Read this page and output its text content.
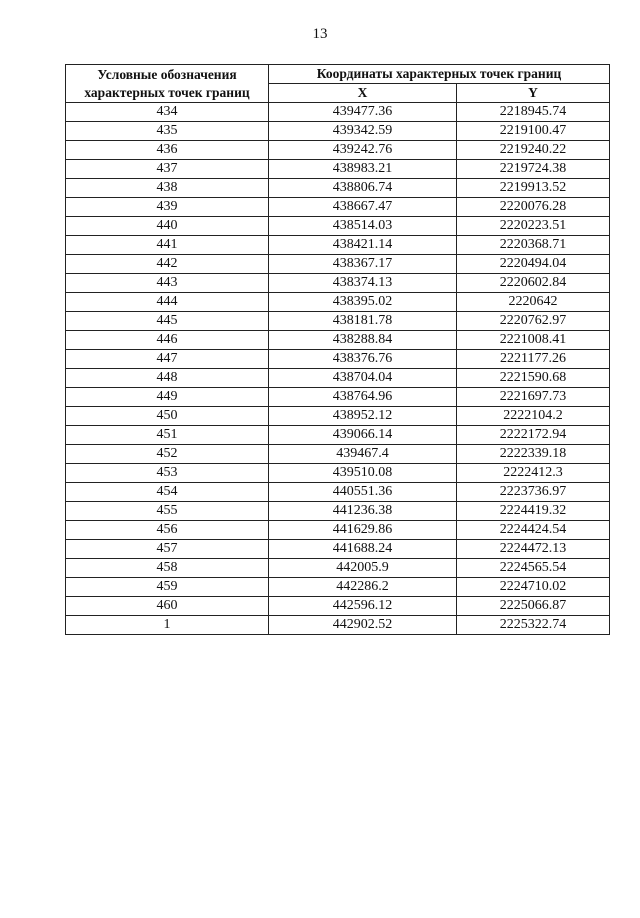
13
Условные обозначения характерных точек границ	Координаты характерных точек границ	
	X	Y
434	439477.36	2218945.74
435	439342.59	2219100.47
436	439242.76	2219240.22
437	438983.21	2219724.38
438	438806.74	2219913.52
439	438667.47	2220076.28
440	438514.03	2220223.51
441	438421.14	2220368.71
442	438367.17	2220494.04
443	438374.13	2220602.84
444	438395.02	2220642
445	438181.78	2220762.97
446	438288.84	2221008.41
447	438376.76	2221177.26
448	438704.04	2221590.68
449	438764.96	2221697.73
450	438952.12	2222104.2
451	439066.14	2222172.94
452	439467.4	2222339.18
453	439510.08	2222412.3
454	440551.36	2223736.97
455	441236.38	2224419.32
456	441629.86	2224424.54
457	441688.24	2224472.13
458	442005.9	2224565.54
459	442286.2	2224710.02
460	442596.12	2225066.87
1	442902.52	2225322.74
